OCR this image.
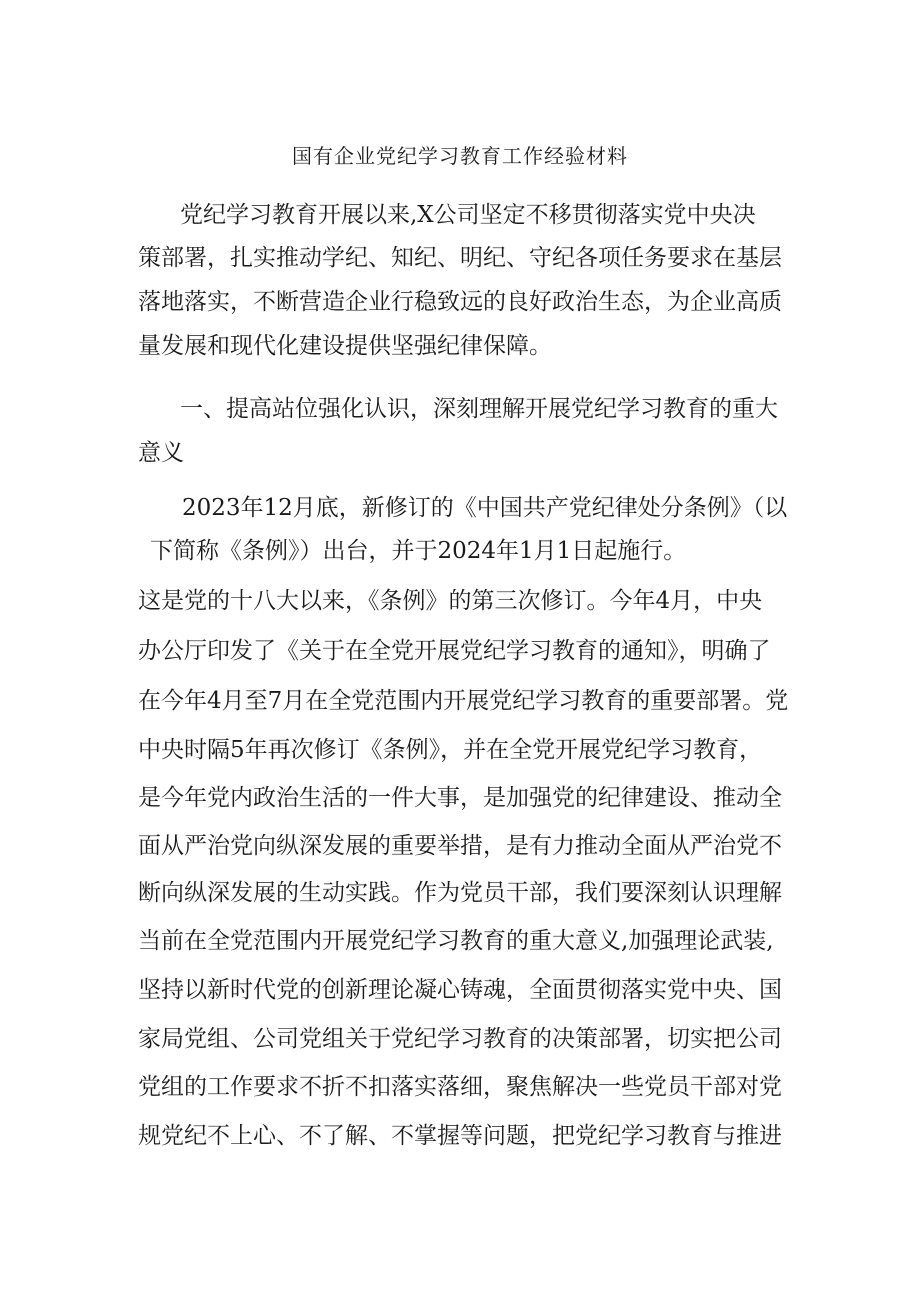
国有企业党纪学习教育工作经验材料
党纪学习教育开展以来,X公司坚定不移贯彻落实党中央决
策部署，扎实推动学纪、知纪、明纪、守纪各项任务要求在基层
落地落实，不断营造企业行稳致远的良好政治生态，为企业高质
量发展和现代化建设提供坚强纪律保障。
一、提高站位强化认识，深刻理解开展党纪学习教育的重大
意义
2023年12月底，新修订的《中国共产党纪律处分条例》（以
下简称《条例》）出台，并于2024年1月1日起施行。
这是党的十八大以来，《条例》的第三次修订。今年4月，中央
办公厅印发了《关于在全党开展党纪学习教育的通知》，明确了
在今年4月至7月在全党范围内开展党纪学习教育的重要部署。党
中央时隔5年再次修订《条例》，并在全党开展党纪学习教育，
是今年党内政治生活的一件大事，是加强党的纪律建设、推动全
面从严治党向纵深发展的重要举措，是有力推动全面从严治党不
断向纵深发展的生动实践。作为党员干部，我们要深刻认识理解
当前在全党范围内开展党纪学习教育的重大意义,加强理论武装,
坚持以新时代党的创新理论凝心铸魂，全面贯彻落实党中央、国
家局党组、公司党组关于党纪学习教育的决策部署，切实把公司
党组的工作要求不折不扣落实落细，聚焦解决一些党员干部对党
规党纪不上心、不了解、不掌握等问题，把党纪学习教育与推进
